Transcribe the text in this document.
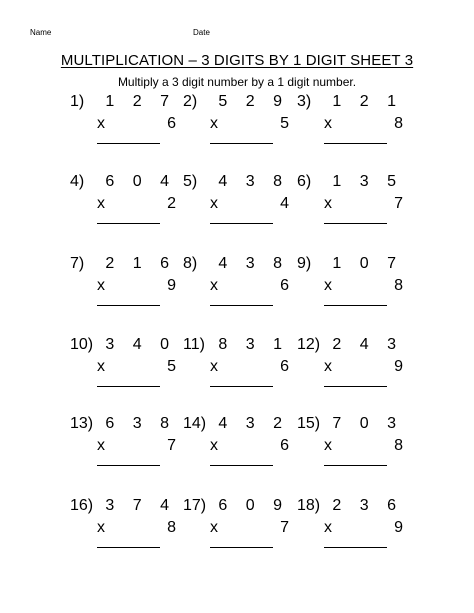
Name	Date
MULTIPLICATION – 3 DIGITS BY 1 DIGIT SHEET 3
Multiply a 3 digit number by a 1 digit number.
1) 1 2 7
x	6
2) 5 2 9
x	5
3) 1 2 1
x	8
4) 6 0 4
x	2
5) 4 3 8
x	4
6) 1 3 5
x	7
7) 2 1 6
x	9
8) 4 3 8
x	6
9) 1 0 7
x	8
10) 3 4 0
x	5
11) 8 3 1
x	6
12) 2 4 3
x	9
13) 6 3 8
x	7
14) 4 3 2
x	6
15) 7 0 3
x	8
16) 3 7 4
x	8
17) 6 0 9
x	7
18) 2 3 6
x	9
